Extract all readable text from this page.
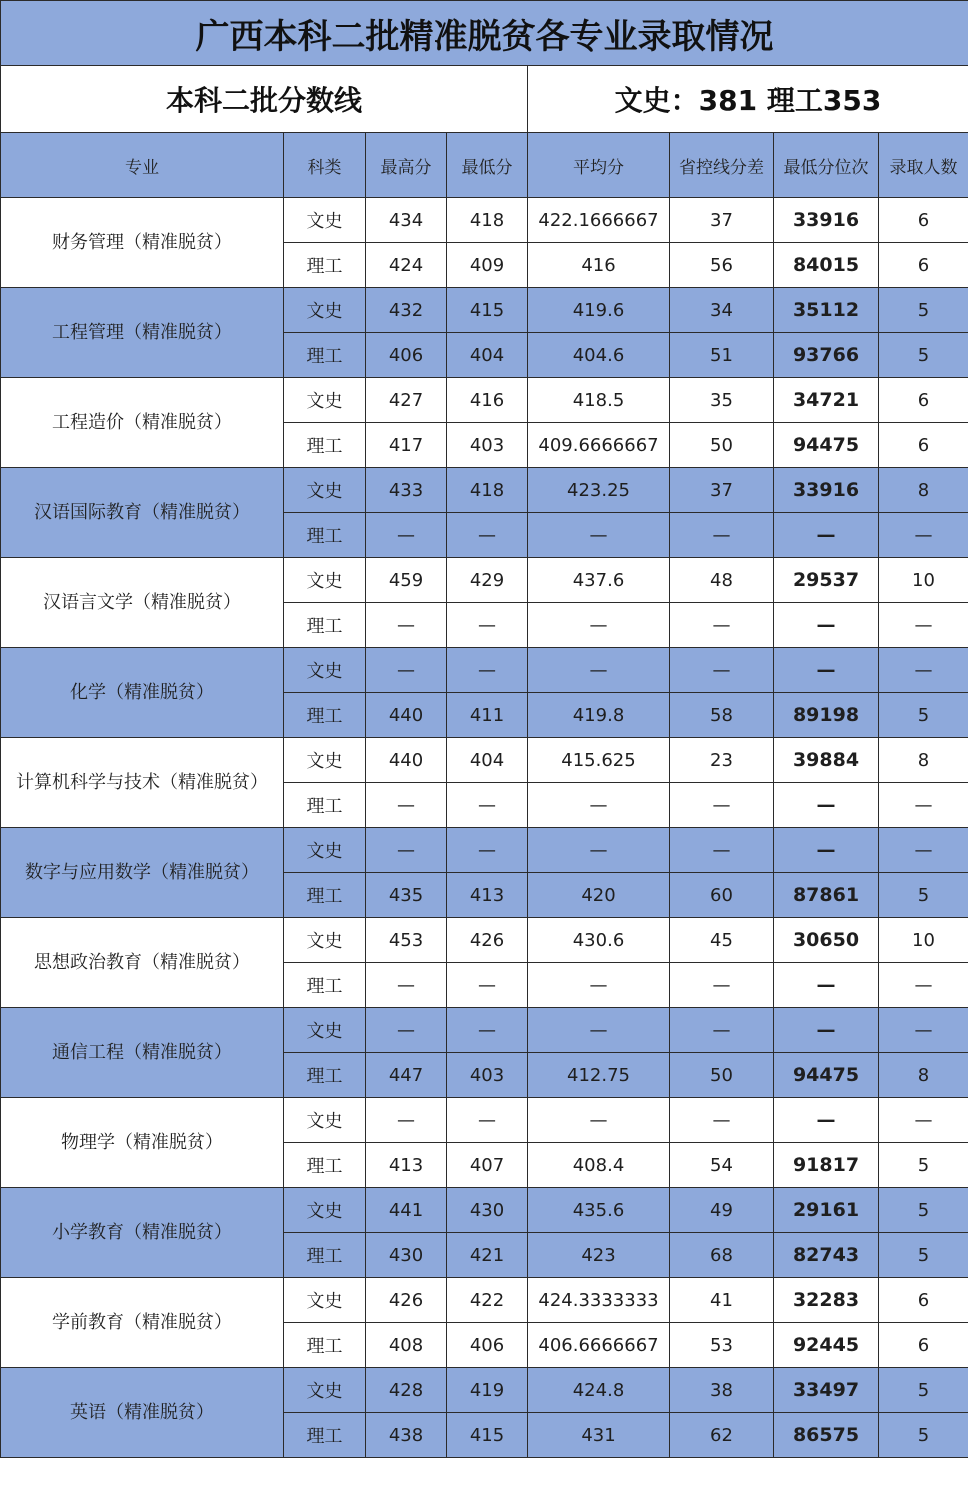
广西本科二批精准脱贫各专业录取情况							
本科二批分数线				文史：381 理工353			
专业	科类	最高分	最低分	平均分	省控线分差	最低分位次	录取人数
财务管理（精准脱贫）	文史	434	418	422.1666667	37	33916	6
	理工	424	409	416	56	84015	6
工程管理（精准脱贫）	文史	432	415	419.6	34	35112	5
	理工	406	404	404.6	51	93766	5
工程造价（精准脱贫）	文史	427	416	418.5	35	34721	6
	理工	417	403	409.6666667	50	94475	6
汉语国际教育（精准脱贫）	文史	433	418	423.25	37	33916	8
	理工	—	—	—	—	—	—
汉语言文学（精准脱贫）	文史	459	429	437.6	48	29537	10
	理工	—	—	—	—	—	—
化学（精准脱贫）	文史	—	—	—	—	—	—
	理工	440	411	419.8	58	89198	5
计算机科学与技术（精准脱贫）	文史	440	404	415.625	23	39884	8
	理工	—	—	—	—	—	—
数字与应用数学（精准脱贫）	文史	—	—	—	—	—	—
	理工	435	413	420	60	87861	5
思想政治教育（精准脱贫）	文史	453	426	430.6	45	30650	10
	理工	—	—	—	—	—	—
通信工程（精准脱贫）	文史	—	—	—	—	—	—
	理工	447	403	412.75	50	94475	8
物理学（精准脱贫）	文史	—	—	—	—	—	—
	理工	413	407	408.4	54	91817	5
小学教育（精准脱贫）	文史	441	430	435.6	49	29161	5
	理工	430	421	423	68	82743	5
学前教育（精准脱贫）	文史	426	422	424.3333333	41	32283	6
	理工	408	406	406.6666667	53	92445	6
英语（精准脱贫）	文史	428	419	424.8	38	33497	5
	理工	438	415	431	62	86575	5
